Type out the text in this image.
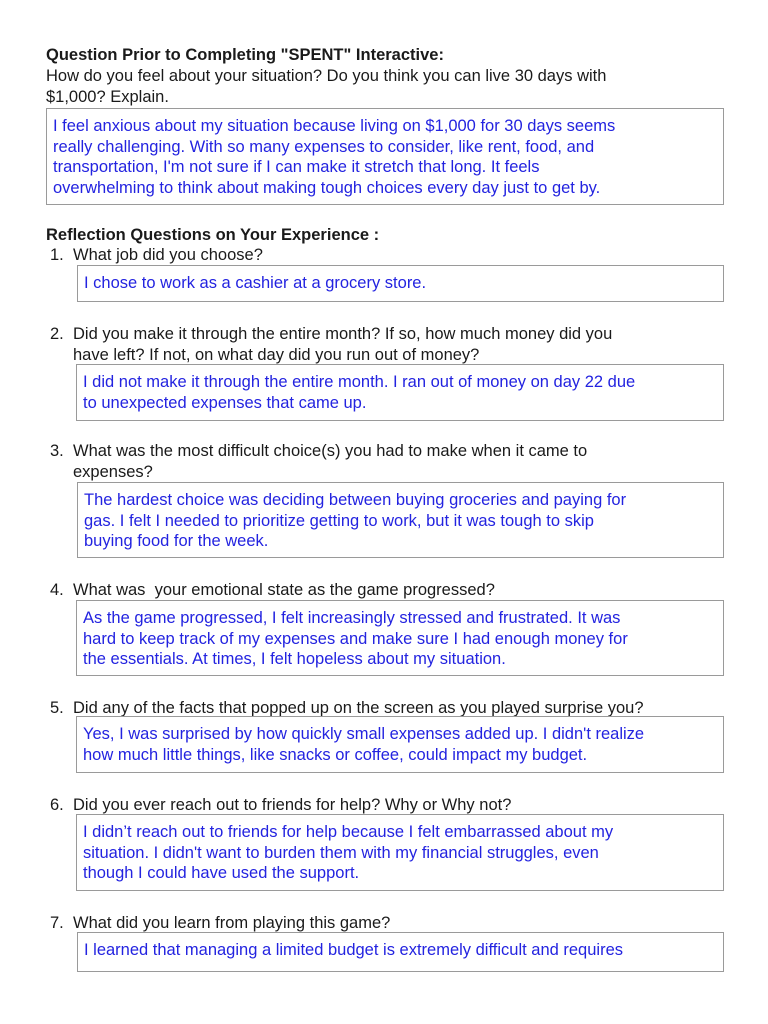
Question Prior to Completing "SPENT" Interactive:
How do you feel about your situation? Do you think you can live 30 days with
$1,000? Explain.
I feel anxious about my situation because living on $1,000 for 30 days seems
really challenging. With so many expenses to consider, like rent, food, and
transportation, I'm not sure if I can make it stretch that long. It feels
overwhelming to think about making tough choices every day just to get by.
Reflection Questions on Your Experience :
1. What job did you choose?
I chose to work as a cashier at a grocery store.
2. Did you make it through the entire month? If so, how much money did you
have left? If not, on what day did you run out of money?
I did not make it through the entire month. I ran out of money on day 22 due
to unexpected expenses that came up.
3. What was the most difficult choice(s) you had to make when it came to
expenses?
The hardest choice was deciding between buying groceries and paying for
gas. I felt I needed to prioritize getting to work, but it was tough to skip
buying food for the week.
4. What was  your emotional state as the game progressed?
As the game progressed, I felt increasingly stressed and frustrated. It was
hard to keep track of my expenses and make sure I had enough money for
the essentials. At times, I felt hopeless about my situation.
5. Did any of the facts that popped up on the screen as you played surprise you?
Yes, I was surprised by how quickly small expenses added up. I didn't realize
how much little things, like snacks or coffee, could impact my budget.
6. Did you ever reach out to friends for help? Why or Why not?
I didn’t reach out to friends for help because I felt embarrassed about my
situation. I didn't want to burden them with my financial struggles, even
though I could have used the support.
7. What did you learn from playing this game?
I learned that managing a limited budget is extremely difficult and requires
